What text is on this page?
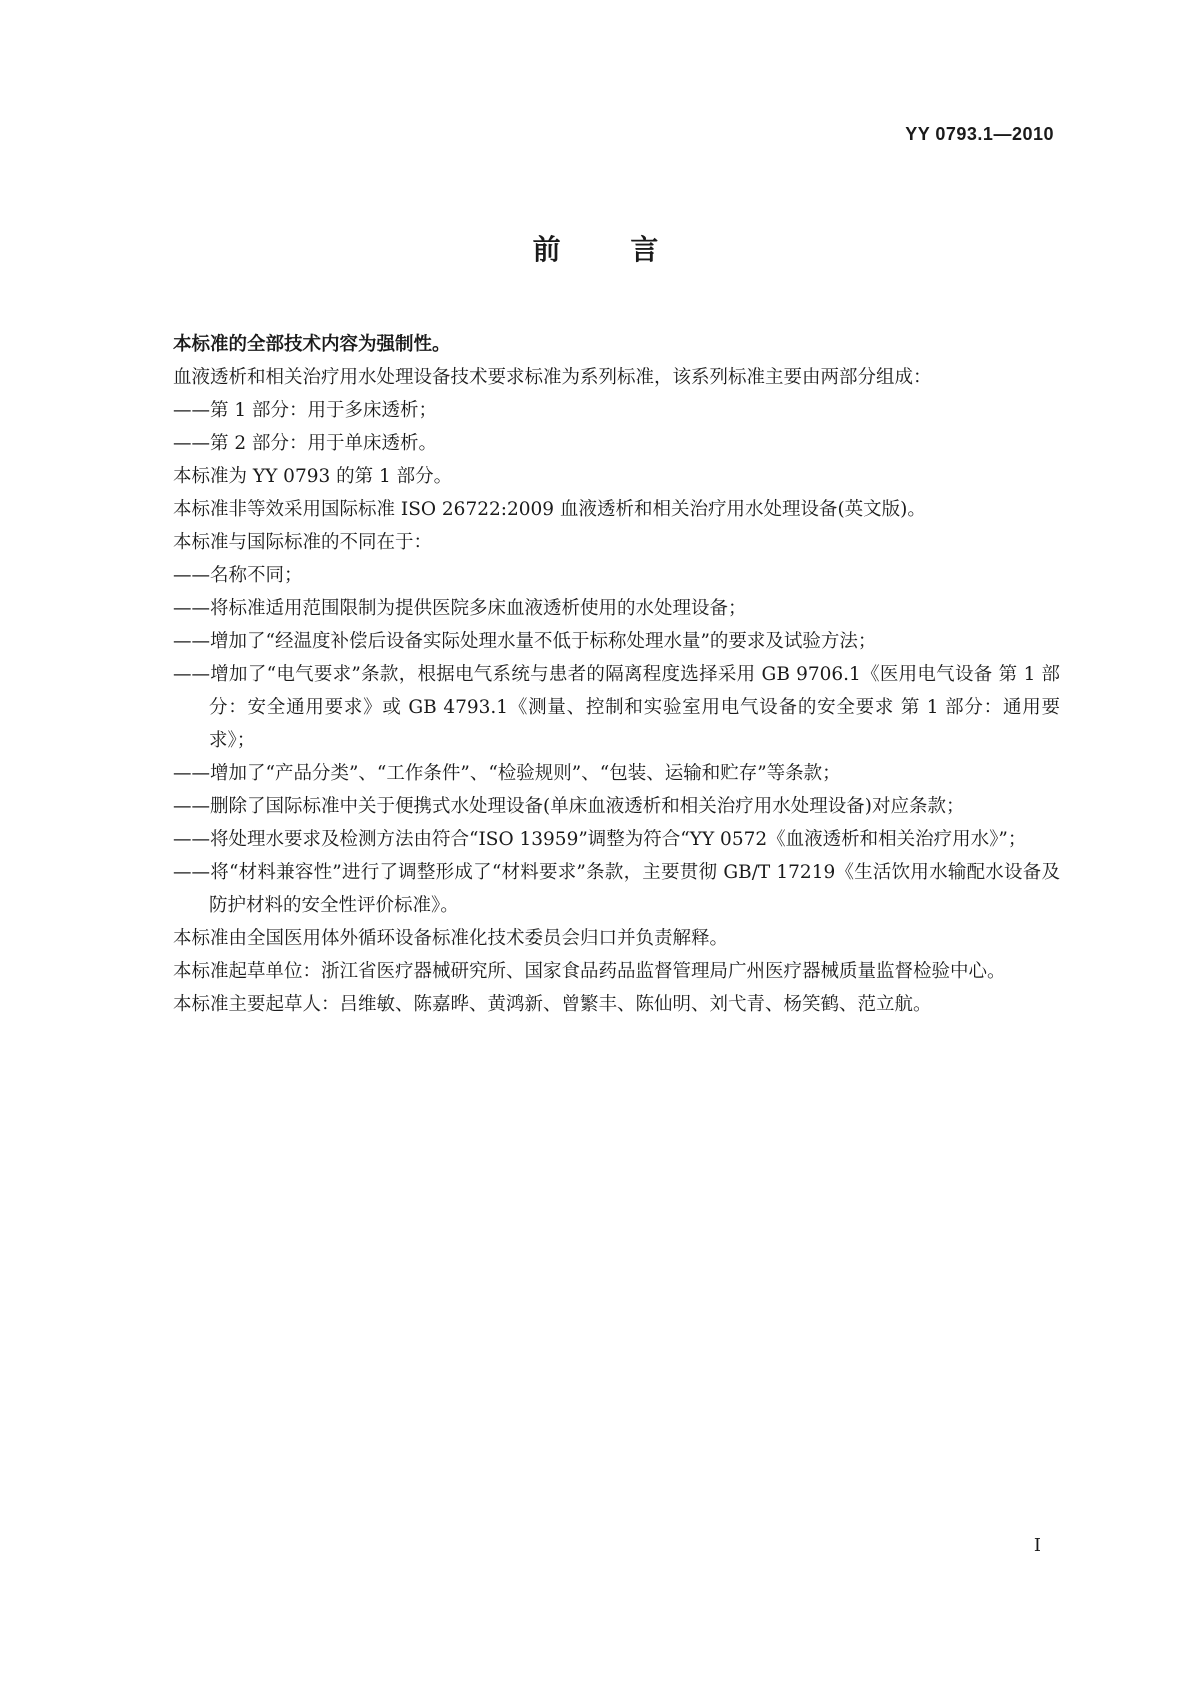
YY 0793.1—2010
前 言

本标准的全部技术内容为强制性。

血液透析和相关治疗用水处理设备技术要求标准为系列标准，该系列标准主要由两部分组成：

——第 1 部分：用于多床透析；

——第 2 部分：用于单床透析。

本标准为 YY 0793 的第 1 部分。

本标准非等效采用国际标准 ISO 26722:2009 血液透析和相关治疗用水处理设备(英文版)。

本标准与国际标准的不同在于：

——名称不同；

——将标准适用范围限制为提供医院多床血液透析使用的水处理设备；

——增加了“经温度补偿后设备实际处理水量不低于标称处理水量”的要求及试验方法；

——增加了“电气要求”条款，根据电气系统与患者的隔离程度选择采用 GB 9706.1《医用电气设备 第 1 部分：安全通用要求》或 GB 4793.1《测量、控制和实验室用电气设备的安全要求 第 1 部分：通用要求》；

——增加了“产品分类”、“工作条件”、“检验规则”、“包装、运输和贮存”等条款；

——删除了国际标准中关于便携式水处理设备(单床血液透析和相关治疗用水处理设备)对应条款；

——将处理水要求及检测方法由符合“ISO 13959”调整为符合“YY 0572《血液透析和相关治疗用水》”；

——将“材料兼容性”进行了调整形成了“材料要求”条款，主要贯彻 GB/T 17219《生活饮用水输配水设备及防护材料的安全性评价标准》。

本标准由全国医用体外循环设备标准化技术委员会归口并负责解释。

本标准起草单位：浙江省医疗器械研究所、国家食品药品监督管理局广州医疗器械质量监督检验中心。

本标准主要起草人：吕维敏、陈嘉晔、黄鸿新、曾繁丰、陈仙明、刘弋青、杨笑鹤、范立航。

I
